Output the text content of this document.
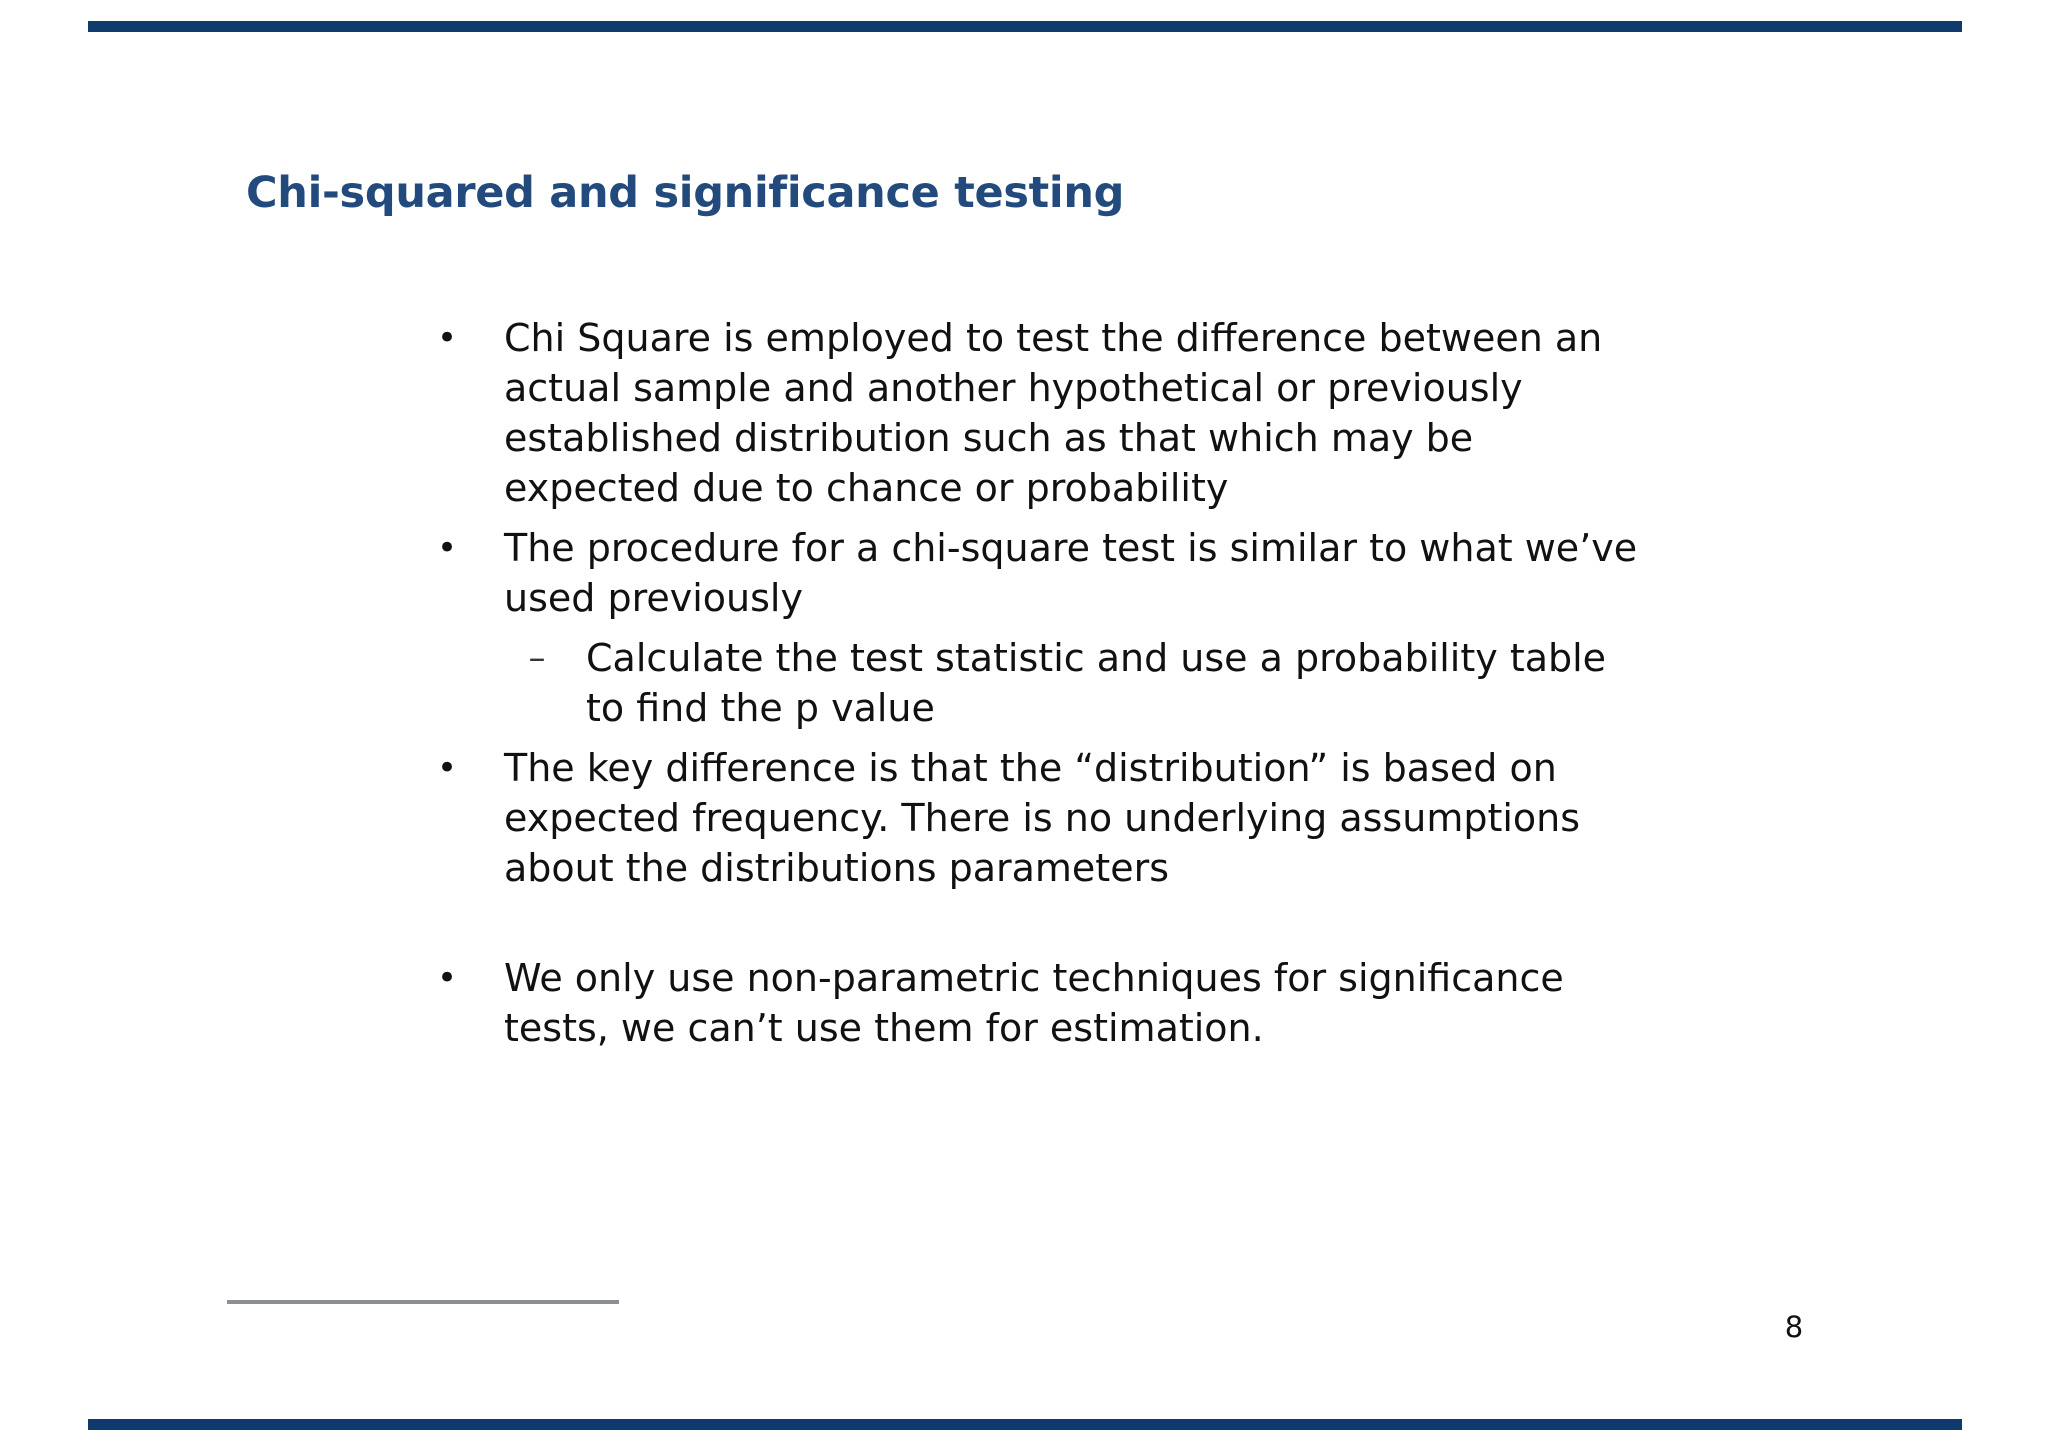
Chi-squared and significance testing
• Chi Square is employed to test the difference between an actual sample and another hypothetical or previously established distribution such as that which may be expected due to chance or probability
• The procedure for a chi-square test is similar to what we’ve used previously
–	Calculate the test statistic and use a probability table to find the p value
• The key difference is that the “distribution” is based on expected frequency. There is no underlying assumptions about the distributions parameters
• We only use non-parametric techniques for significance tests, we can’t use them for estimation.
8
